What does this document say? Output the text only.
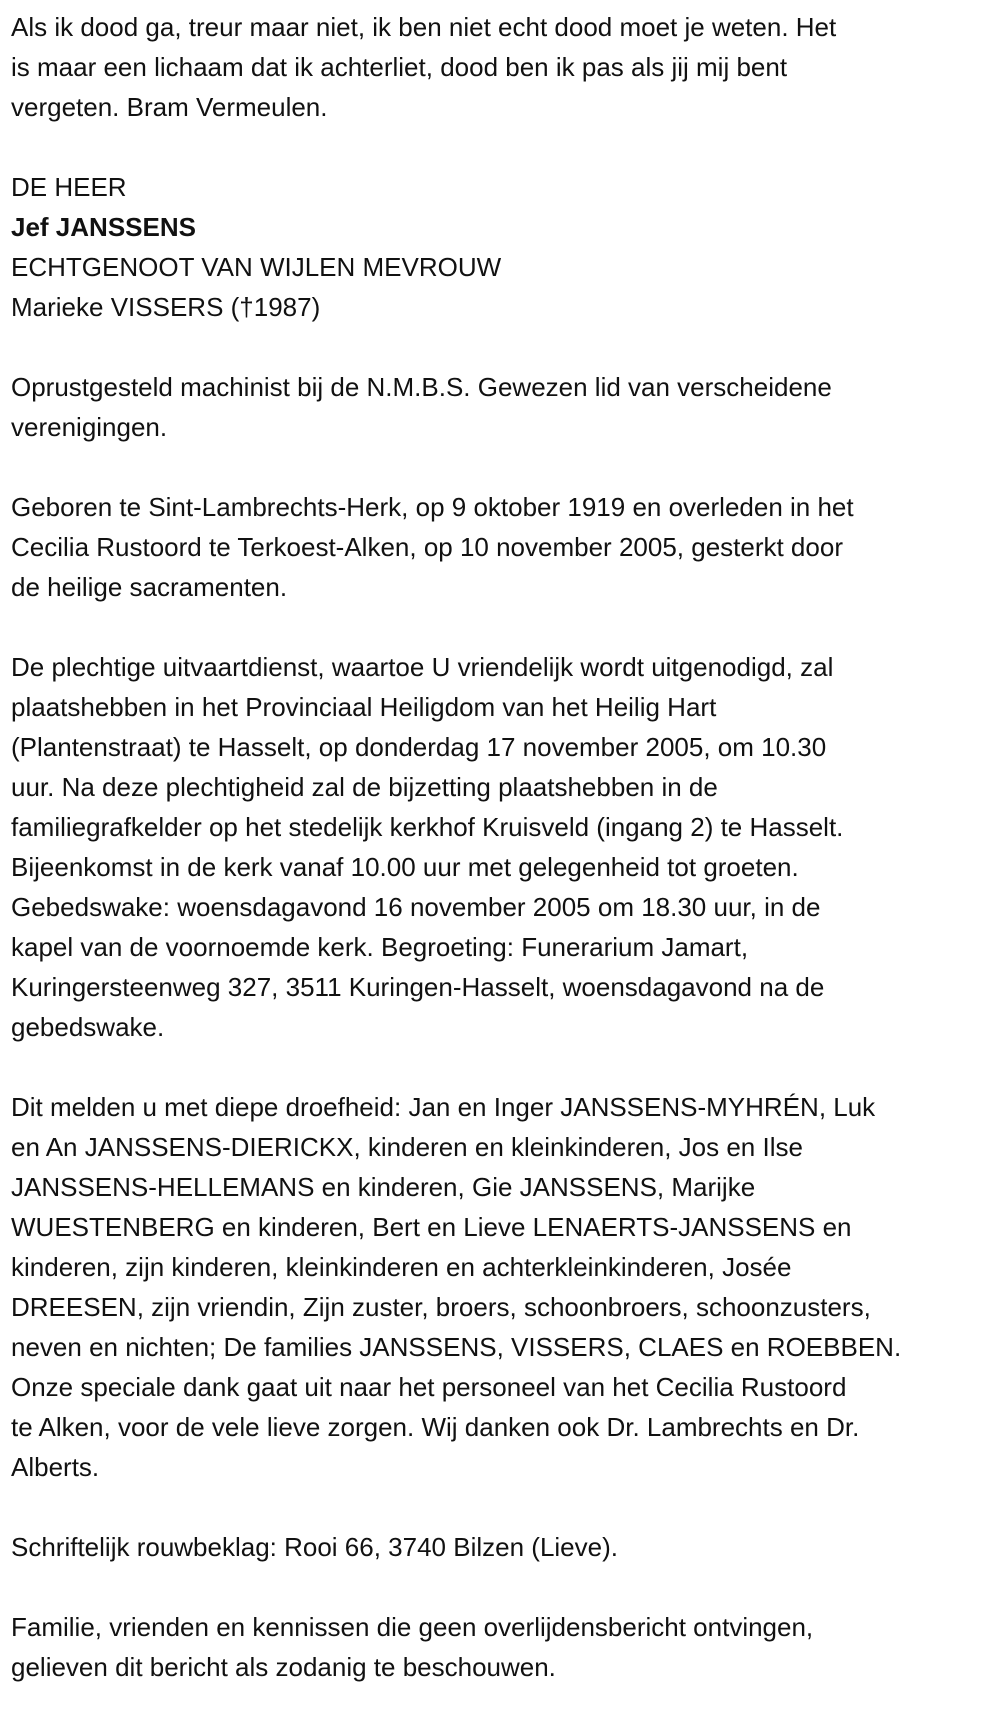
Als ik dood ga, treur maar niet, ik ben niet echt dood moet je weten. Het
is maar een lichaam dat ik achterliet, dood ben ik pas als jij mij bent
vergeten. Bram Vermeulen.
DE HEER
Jef JANSSENS
ECHTGENOOT VAN WIJLEN MEVROUW
Marieke VISSERS (†1987)
Oprustgesteld machinist bij de N.M.B.S. Gewezen lid van verscheidene
verenigingen.
Geboren te Sint-Lambrechts-Herk, op 9 oktober 1919 en overleden in het
Cecilia Rustoord te Terkoest-Alken, op 10 november 2005, gesterkt door
de heilige sacramenten.
De plechtige uitvaartdienst, waartoe U vriendelijk wordt uitgenodigd, zal
plaatshebben in het Provinciaal Heiligdom van het Heilig Hart
(Plantenstraat) te Hasselt, op donderdag 17 november 2005, om 10.30
uur. Na deze plechtigheid zal de bijzetting plaatshebben in de
familiegrafkelder op het stedelijk kerkhof Kruisveld (ingang 2) te Hasselt.
Bijeenkomst in de kerk vanaf 10.00 uur met gelegenheid tot groeten.
Gebedswake: woensdagavond 16 november 2005 om 18.30 uur, in de
kapel van de voornoemde kerk. Begroeting: Funerarium Jamart,
Kuringersteenweg 327, 3511 Kuringen-Hasselt, woensdagavond na de
gebedswake.
Dit melden u met diepe droefheid: Jan en Inger JANSSENS-MYHRÉN, Luk
en An JANSSENS-DIERICKX, kinderen en kleinkinderen, Jos en Ilse
JANSSENS-HELLEMANS en kinderen, Gie JANSSENS, Marijke
WUESTENBERG en kinderen, Bert en Lieve LENAERTS-JANSSENS en
kinderen, zijn kinderen, kleinkinderen en achterkleinkinderen, Josée
DREESEN, zijn vriendin, Zijn zuster, broers, schoonbroers, schoonzusters,
neven en nichten; De families JANSSENS, VISSERS, CLAES en ROEBBEN.
Onze speciale dank gaat uit naar het personeel van het Cecilia Rustoord
te Alken, voor de vele lieve zorgen. Wij danken ook Dr. Lambrechts en Dr.
Alberts.
Schriftelijk rouwbeklag: Rooi 66, 3740 Bilzen (Lieve).
Familie, vrienden en kennissen die geen overlijdensbericht ontvingen,
gelieven dit bericht als zodanig te beschouwen.
